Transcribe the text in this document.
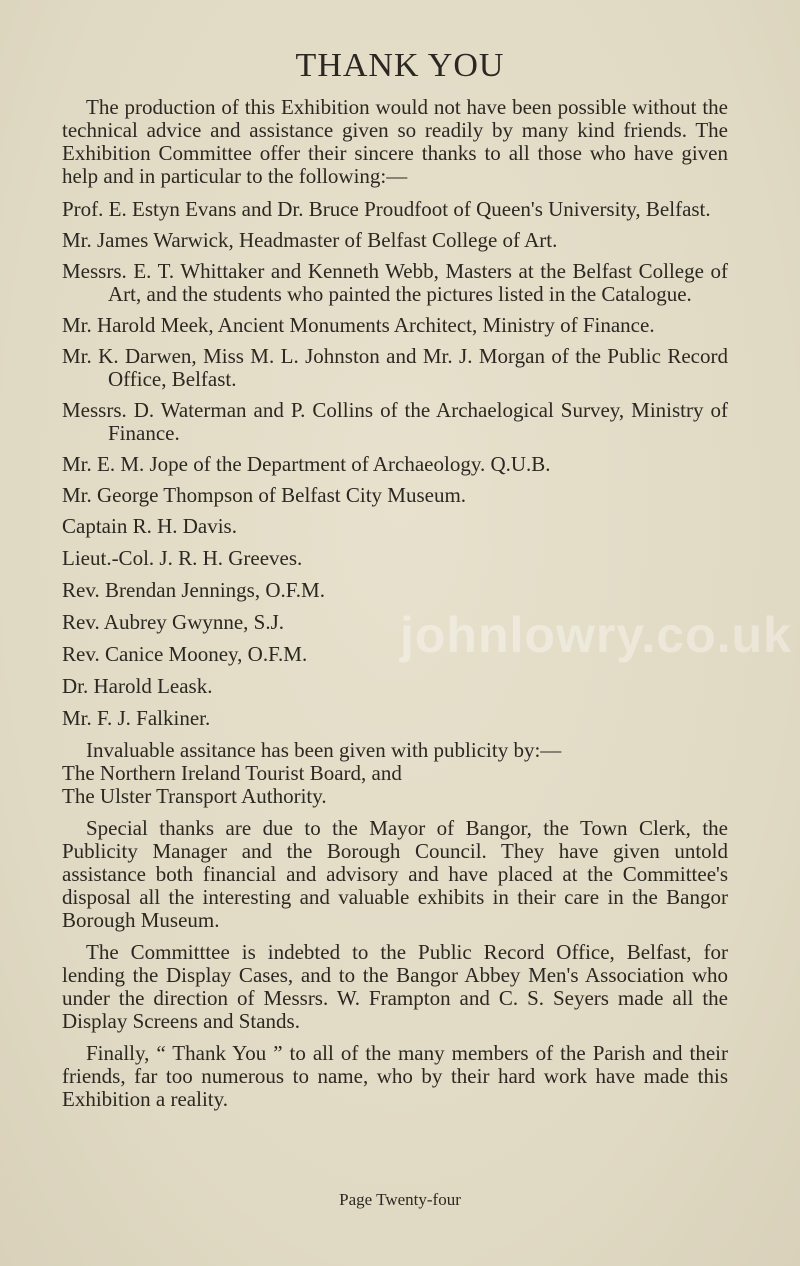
THANK YOU

The production of this Exhibition would not have been possible without the technical advice and assistance given so readily by many kind friends. The Exhibition Committee offer their sincere thanks to all those who have given help and in particular to the following:—

Prof. E. Estyn Evans and Dr. Bruce Proudfoot of Queen's University, Belfast.
Mr. James Warwick, Headmaster of Belfast College of Art.
Messrs. E. T. Whittaker and Kenneth Webb, Masters at the Belfast College of Art, and the students who painted the pictures listed in the Catalogue.
Mr. Harold Meek, Ancient Monuments Architect, Ministry of Finance.
Mr. K. Darwen, Miss M. L. Johnston and Mr. J. Morgan of the Public Record Office, Belfast.
Messrs. D. Waterman and P. Collins of the Archaelogical Survey, Ministry of Finance.
Mr. E. M. Jope of the Department of Archaeology. Q.U.B.
Mr. George Thompson of Belfast City Museum.
Captain R. H. Davis.
Lieut.-Col. J. R. H. Greeves.
Rev. Brendan Jennings, O.F.M.
Rev. Aubrey Gwynne, S.J.
Rev. Canice Mooney, O.F.M.
Dr. Harold Leask.
Mr. F. J. Falkiner.

Invaluable assitance has been given with publicity by:—

The Northern Ireland Tourist Board, and

The Ulster Transport Authority.

Special thanks are due to the Mayor of Bangor, the Town Clerk, the Publicity Manager and the Borough Council. They have given untold assistance both financial and advisory and have placed at the Committee's disposal all the interesting and valuable exhibits in their care in the Bangor Borough Museum.

The Committtee is indebted to the Public Record Office, Belfast, for lending the Display Cases, and to the Bangor Abbey Men's Association who under the direction of Messrs. W. Frampton and C. S. Seyers made all the Display Screens and Stands.

Finally, “ Thank You ” to all of the many members of the Parish and their friends, far too numerous to name, who by their hard work have made this Exhibition a reality.

johnlowry.co.uk
Page Twenty-four
